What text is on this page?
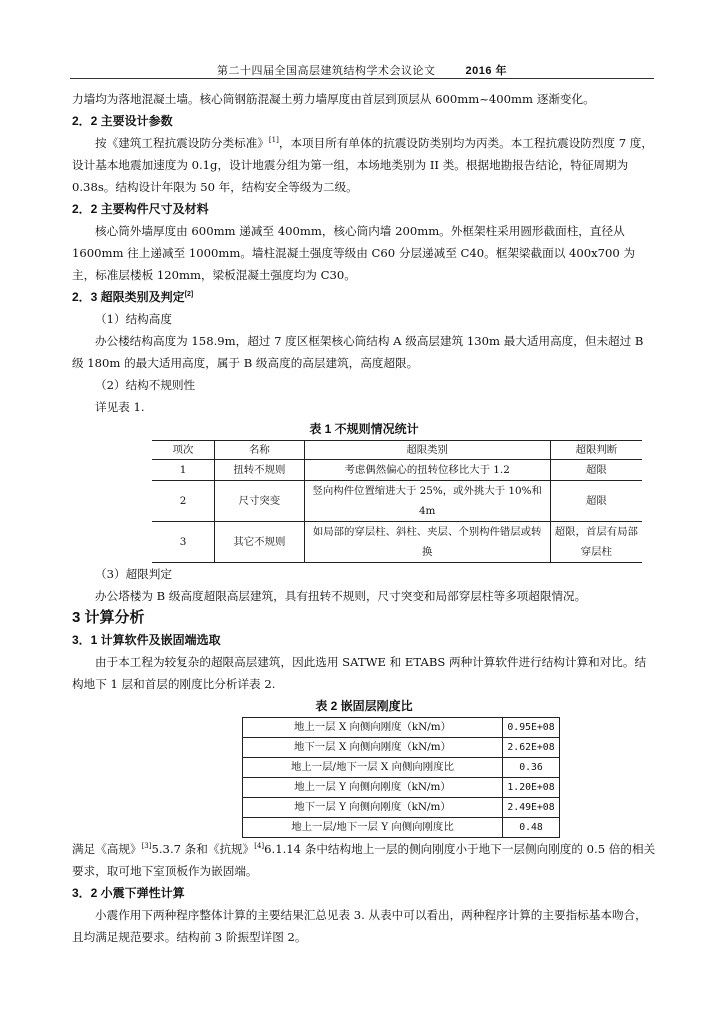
第二十四届全国高层建筑结构学术会议论文	2016 年

力墙均为落地混凝土墙。核心筒钢筋混凝土剪力墙厚度由首层到顶层从 600mm~400mm 逐渐变化。

2．2 主要设计参数

按《建筑工程抗震设防分类标准》[1]，本项目所有单体的抗震设防类别均为丙类。本工程抗震设防烈度 7 度，设计基本地震加速度为 0.1g，设计地震分组为第一组，本场地类别为 II 类。根据地勘报告结论，特征周期为 0.38s。结构设计年限为 50 年，结构安全等级为二级。

2．2 主要构件尺寸及材料

核心筒外墙厚度由 600mm 递减至 400mm，核心筒内墙 200mm。外框架柱采用圆形截面柱，直径从 1600mm 往上递减至 1000mm。墙柱混凝土强度等级由 C60 分层递减至 C40。框架梁截面以 400x700 为主，标准层楼板 120mm，梁板混凝土强度均为 C30。

2．3 超限类别及判定[2]

（1）结构高度

办公楼结构高度为 158.9m，超过 7 度区框架核心筒结构 A 级高层建筑 130m 最大适用高度，但未超过 B 级 180m 的最大适用高度，属于 B 级高度的高层建筑，高度超限。

（2）结构不规则性

详见表 1.

表 1 不规则情况统计

项次	名称	超限类别	超限判断
1	扭转不规则	考虑偶然偏心的扭转位移比大于 1.2	超限
2	尺寸突变	竖向构件位置缩进大于 25%，或外挑大于 10%和 4m	超限
3	其它不规则	如局部的穿层柱、斜柱、夹层、个别构件错层或转换	超限，首层有局部穿层柱

（3）超限判定

办公塔楼为 B 级高度超限高层建筑，具有扭转不规则，尺寸突变和局部穿层柱等多项超限情况。

3 计算分析

3．1 计算软件及嵌固端选取

由于本工程为较复杂的超限高层建筑，因此选用 SATWE 和 ETABS 两种计算软件进行结构计算和对比。结构地下 1 层和首层的刚度比分析详表 2.

表 2 嵌固层刚度比

地上一层 X 向侧向刚度（kN/m）	0.95E+08
地下一层 X 向侧向刚度（kN/m）	2.62E+08
地上一层/地下一层 X 向侧向刚度比	0.36
地上一层 Y 向侧向刚度（kN/m）	1.20E+08
地下一层 Y 向侧向刚度（kN/m）	2.49E+08
地上一层/地下一层 Y 向侧向刚度比	0.48

满足《高规》[3]5.3.7 条和《抗规》[4]6.1.14 条中结构地上一层的侧向刚度小于地下一层侧向刚度的 0.5 倍的相关要求，取可地下室顶板作为嵌固端。

3．2 小震下弹性计算

小震作用下两种程序整体计算的主要结果汇总见表 3. 从表中可以看出，两种程序计算的主要指标基本吻合，且均满足规范要求。结构前 3 阶振型详图 2。
